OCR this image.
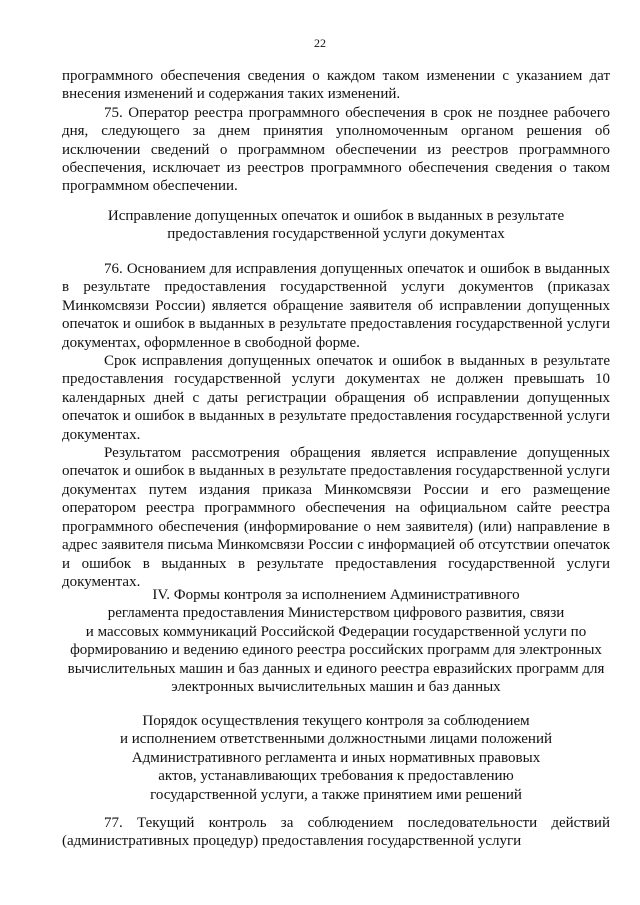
22

программного обеспечения сведения о каждом таком изменении с указанием дат внесения изменений и содержания таких изменений.

75. Оператор реестра программного обеспечения в срок не позднее рабочего дня, следующего за днем принятия уполномоченным органом решения об исключении сведений о программном обеспечении из реестров программного обеспечения, исключает из реестров программного обеспечения сведения о таком программном обеспечении.

Исправление допущенных опечаток и ошибок в выданных в результате предоставления государственной услуги документах

76. Основанием для исправления допущенных опечаток и ошибок в выданных в результате предоставления государственной услуги документов (приказах Минкомсвязи России) является обращение заявителя об исправлении допущенных опечаток и ошибок в выданных в результате предоставления государственной услуги документах, оформленное в свободной форме.

Срок исправления допущенных опечаток и ошибок в выданных в результате предоставления государственной услуги документах не должен превышать 10 календарных дней с даты регистрации обращения об исправлении допущенных опечаток и ошибок в выданных в результате предоставления государственной услуги документах.

Результатом рассмотрения обращения является исправление допущенных опечаток и ошибок в выданных в результате предоставления государственной услуги документах путем издания приказа Минкомсвязи России и его размещение оператором реестра программного обеспечения на официальном сайте реестра программного обеспечения (информирование о нем заявителя) (или) направление в адрес заявителя письма Минкомсвязи России с информацией об отсутствии опечаток и ошибок в выданных в результате предоставления государственной услуги документах.

IV. Формы контроля за исполнением Административного
регламента предоставления Министерством цифрового развития, связи
и массовых коммуникаций Российской Федерации государственной услуги по
формированию и ведению единого реестра российских программ для электронных
вычислительных машин и баз данных и единого реестра евразийских программ для
электронных вычислительных машин и баз данных
Порядок осуществления текущего контроля за соблюдением
и исполнением ответственными должностными лицами положений
Административного регламента и иных нормативных правовых
актов, устанавливающих требования к предоставлению
государственной услуги, а также принятием ими решений

77. Текущий контроль за соблюдением последовательности действий (административных процедур) предоставления государственной услуги
